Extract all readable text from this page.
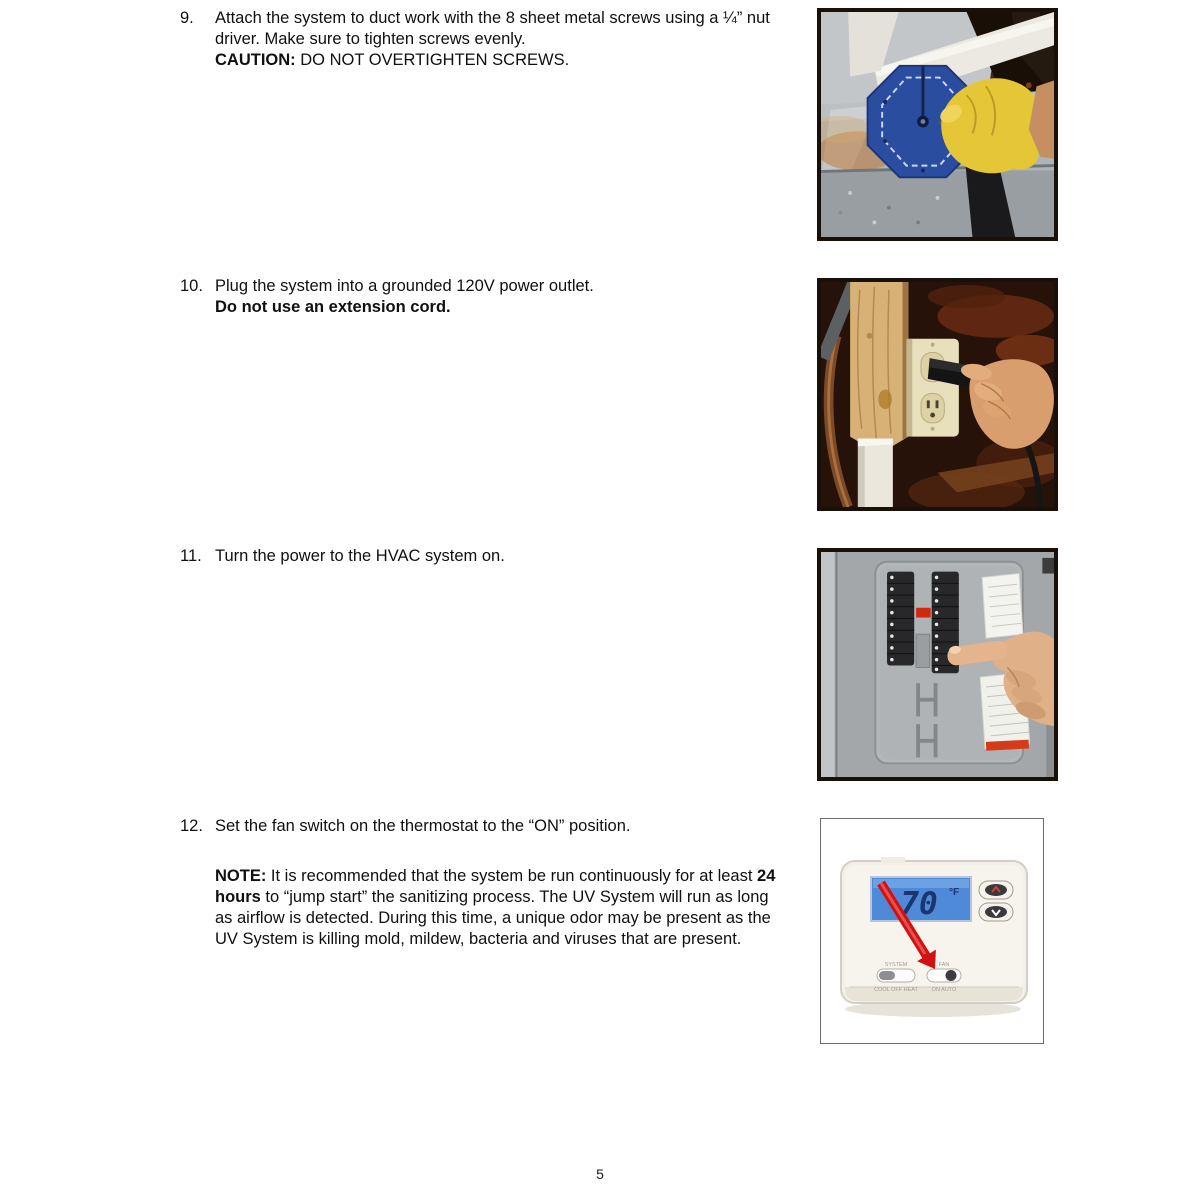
9.	Attach the system to duct work with the 8 sheet metal screws using a ¼” nut driver. Make sure to tighten screws evenly.

CAUTION: DO NOT OVERTIGHTEN SCREWS.

10. Plug the system into a grounded 120V power outlet.

Do not use an extension cord.

11. Turn the power to the HVAC system on.

12. Set the fan switch on the thermostat to the “ON” position.

NOTE: It is recommended that the system be run continuously for at least 24 hours to “jump start” the sanitizing process. The UV System will run as long as airflow is detected. During this time, a unique odor may be present as the UV System is killing mold, mildew, bacteria and viruses that are present.

70 °F
SYSTEM
COOL OFF HEAT
FAN
ON AUTO
5
